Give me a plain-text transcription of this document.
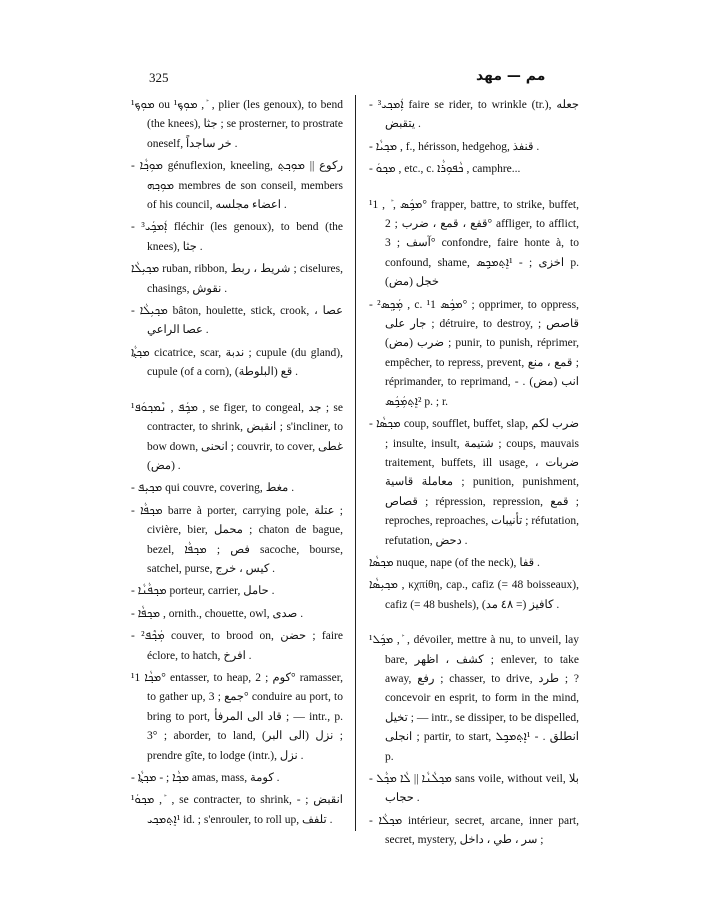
325	مم — مهد
¹ܡܘܼܟ݂ ou ¹ܡܘܼܟ݂ , ܰ , plier (les genoux), to bend (the knees), جثا ; se prosterner, to prostrate oneself, خر ساجداً .
- ܡܘܼܟ݂ܵܐ génuflexion, kneeling, ركوع || ܡܘܼܟ݂ܬ݂ ܡܘܼܟ݂ܗ membres de son conseil, members of his council, اعضاء مجلسه .
- ³ܐܲܡܟ݂ܲܝ fléchir (les genoux), to bend (the knees), جثا .
ܡܟ݂ܝܼܠܵܐ ruban, ribbon, شريط ، ربط ; ciselures, chasings, نقوش .
- ܡܟ݂ܝܼܠܵܐ bâton, houlette, stick, crook, عصا ، عصا الراعي .
ܡܟ݂ܬ݂ܵܐ cicatrice, scar, ندبة ; cupule (du gland), cupule (of a corn), قع (البلوطة) .
¹ܡܟ݂ܲܦ , ܢܶܡܟ݂ܘܿܦ , se figer, to congeal, جد ; se contracter, to shrink, انقبض ; s'incliner, to bow down, انحنى ; couvrir, to cover, غطى (مض) .
- ܡܟ݂ܝܼܦ qui couvre, covering, مغط .
- ܡܟ݂ܦܵܐ barre à porter, carrying pole, عتلة ; civière, bier, محمل ; chaton de bague, bezel, فص ; ܡܟ݂ܦܵܐ sacoche, bourse, satchel, purse, كيس ، خرج .
- ܡܟ݂ܦܵܢܵܐ porteur, carrier, حامل .
- ܡܟ݂ܦܵܐ , ornith., chouette, owl, صدى .
- ²ܡܲܟ݂ܶܦ couver, to brood on, حضن ; faire éclore, to hatch, افرخ .
¹ܡܟ݂ܵܐ 1° entasser, to heap, كوم ; 2° ramasser, to gather up, جمع ; 3° conduire au port, to bring to port, قاد الى المرفأ ; — intr., p. 3° ; aborder, to land, نزل (الى البر) ; prendre gîte, to lodge (intr.), نزل .
- ܡܟ݂ܵܐ ; - ܡܟ݂ܬ݂ܵܐ amas, mass, كومة .
¹ܡܟ݂ܘܿ , ܰ , se contracter, to shrink, انقبض ; - ¹ܐܸܬ݂ܡܟ݂ܝ id. ; s'enrouler, to roll up, تلفف .
- ³ܐܲܡܟ݂ܝ faire se rider, to wrinkle (tr.), جعله يتقبض .
- ܡܟ݂ܝܵܐ , f., hérisson, hedgehog, قنفذ .
- ܡܟ݂ܘܿ , etc., c. ܟܵܦܘܼܪܵܐ , camphre...
¹ܡܟ݂ܲܣ , ܰ , 1° frapper, battre, to strike, buffet, قفع ، قمع ، ضرب ; 2° affliger, to afflict, آسف ; 3° confondre, faire honte à, to confound, shame, اخزى ; - ¹ܐܸܬ݂ܡܟ݂ܸܣ p. خجل (مض)
- ²ܡܲܟ݂ܸܣ , c. ¹ܡܟ݂ܲܣ 1° ; opprimer, to oppress, جار على ; détruire, to destroy, قاصص ; ضرب (مض) ; punir, to punish, réprimer, empêcher, to repress, prevent, قمع ، منع ; réprimander, to reprimand, انب (مض) . - ²ܐܸܬ݂ܡܲܟ݂ܲܣ p. ; r.
- ܡܟ݂ܣܵܐ coup, soufflet, buffet, slap, ضرب لكم ; insulte, insult, شتيمة ; coups, mauvais traitement, buffets, ill usage, ضربات ، معاملة قاسية ; punition, punishment, قصاص ; répression, repression, قمع ; reproches, reproaches, تأنيبات ; réfutation, refutation, دحض .
ܡܟ݂ܣܵܐ nuque, nape (of the neck), قفا .
ܡܟ݂ܝܼܣܵܐ , κχπίθη, cap., cafiz (= 48 boisseaux), cafiz (= 48 bushels), كافيز (= ٤٨ مد) .
¹ܡܟ݂ܲܠ , ܰ , dévoiler, mettre à nu, to unveil, lay bare, كشف ، اظهر ; enlever, to take away, رفع ; chasser, to drive, طرد ; ? concevoir en esprit, to form in the mind, تخيل ; — intr., se dissiper, to be dispelled, انجلى ; partir, to start, انطلق . - ¹ܐܸܬ݂ܡܟ݂ܸܠ p.
- ܡܟ݂ܠܵܢܵܐ || ܠܵܐ ܡܟ݂ܵܠ sans voile, without veil, بلا حجاب .
- ܡܟ݂ܠܵܐ intérieur, secret, arcane, inner part, secret, mystery, سر ، طي ، داخل ;
